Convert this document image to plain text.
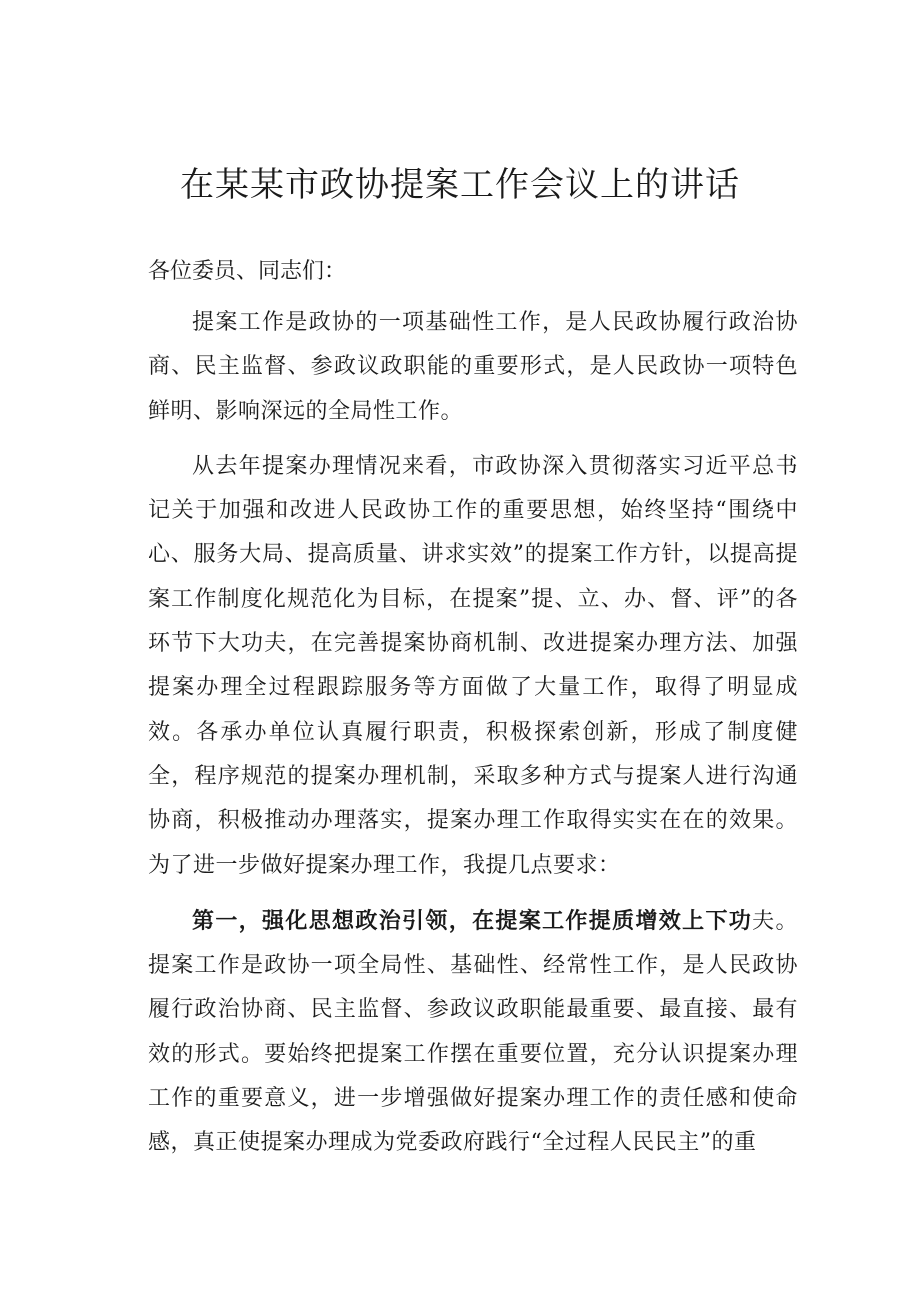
在某某市政协提案工作会议上的讲话

各位委员、同志们：

提案工作是政协的一项基础性工作，是人民政协履行政治协商、民主监督、参政议政职能的重要形式，是人民政协一项特色鲜明、影响深远的全局性工作。

从去年提案办理情况来看，市政协深入贯彻落实习近平总书记关于加强和改进人民政协工作的重要思想，始终坚持“围绕中心、服务大局、提高质量、讲求实效”的提案工作方针，以提高提案工作制度化规范化为目标，在提案”提、立、办、督、评”的各环节下大功夫，在完善提案协商机制、改进提案办理方法、加强提案办理全过程跟踪服务等方面做了大量工作，取得了明显成效。各承办单位认真履行职责，积极探索创新，形成了制度健全，程序规范的提案办理机制，采取多种方式与提案人进行沟通协商，积极推动办理落实，提案办理工作取得实实在在的效果。为了进一步做好提案办理工作，我提几点要求：

第一，强化思想政治引领，在提案工作提质增效上下功夫。提案工作是政协一项全局性、基础性、经常性工作，是人民政协履行政治协商、民主监督、参政议政职能最重要、最直接、最有效的形式。要始终把提案工作摆在重要位置，充分认识提案办理工作的重要意义，进一步增强做好提案办理工作的责任感和使命感，真正使提案办理成为党委政府践行“全过程人民民主”的重
